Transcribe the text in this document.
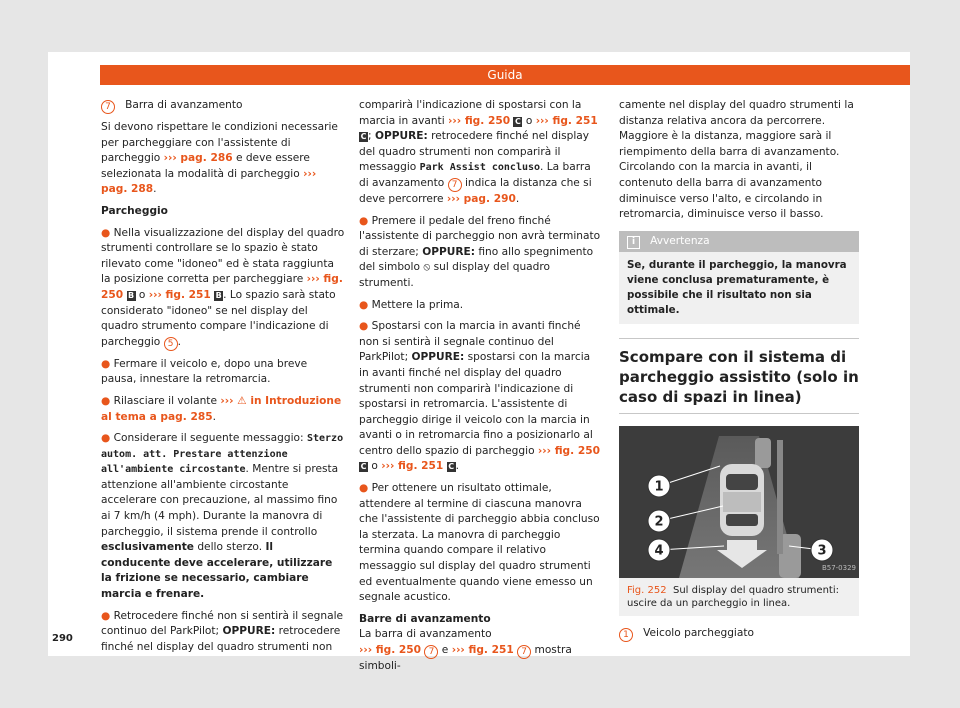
Guida

7 Barra di avanzamento

Si devono rispettare le condizioni necessarie per parcheggiare con l'assistente di parcheggio ››› pag. 286 e deve essere selezionata la modalità di parcheggio ››› pag. 288.

Parcheggio

● Nella visualizzazione del display del quadro strumenti controllare se lo spazio è stato rilevato come "idoneo" ed è stata raggiunta la posizione corretta per parcheggiare ››› fig. 250 B o ››› fig. 251 B. Lo spazio sarà stato considerato "idoneo" se nel display del quadro strumento compare l'indicazione di parcheggio 5 .

● Fermare il veicolo e, dopo una breve pausa, innestare la retromarcia.

● Rilasciare il volante ››› ⚠ in Introduzione al tema a pag. 285.

● Considerare il seguente messaggio: Sterzo autom. att. Prestare attenzione all'ambiente circostante. Mentre si presta attenzione all'ambiente circostante accelerare con precauzione, al massimo fino ai 7 km/h (4 mph). Durante la manovra di parcheggio, il sistema prende il controllo esclusivamente dello sterzo. Il conducente deve accelerare, utilizzare la frizione se necessario, cambiare marcia e frenare.

● Retrocedere finché non si sentirà il segnale continuo del ParkPilot; OPPURE: retrocedere finché nel display del quadro strumenti non

comparirà l'indicazione di spostarsi con la marcia in avanti ››› fig. 250 C o ››› fig. 251 C ; OPPURE: retrocedere finché nel display del quadro strumenti non comparirà il messaggio Park Assist concluso. La barra di avanzamento 7 indica la distanza che si deve percorrere ››› pag. 290.

● Premere il pedale del freno finché l'assistente di parcheggio non avrà terminato di sterzare; OPPURE: fino allo spegnimento del simbolo ⦸ sul display del quadro strumenti.

● Mettere la prima.

● Spostarsi con la marcia in avanti finché non si sentirà il segnale continuo del ParkPilot; OPPURE: spostarsi con la marcia in avanti finché nel display del quadro strumenti non comparirà l'indicazione di spostarsi in retromarcia. L'assistente di parcheggio dirige il veicolo con la marcia in avanti o in retromarcia fino a posizionarlo al centro dello spazio di parcheggio ››› fig. 250 C o ››› fig. 251 C .

● Per ottenere un risultato ottimale, attendere al termine di ciascuna manovra che l'assistente di parcheggio abbia concluso la sterzata. La manovra di parcheggio termina quando compare il relativo messaggio sul display del quadro strumenti ed eventualmente quando viene emesso un segnale acustico.

Barre di avanzamento

La barra di avanzamento
››› fig. 250 7 e ››› fig. 251 7 mostra simboli-

camente nel display del quadro strumenti la distanza relativa ancora da percorrere. Maggiore è la distanza, maggiore sarà il riempimento della barra di avanzamento. Circolando con la marcia in avanti, il contenuto della barra di avanzamento diminuisce verso l'alto, e circolando in retromarcia, diminuisce verso il basso.

i Avvertenza
Se, durante il parcheggio, la manovra viene conclusa prematuramente, è possibile che il risultato non sia ottimale.
Scompare con il sistema di parcheggio assistito (solo in caso di spazi in linea)
1
2
3
4
B57-0329
Fig. 252 Sul display del quadro strumenti: uscire da un parcheggio in linea.

1 Veicolo parcheggiato

290
